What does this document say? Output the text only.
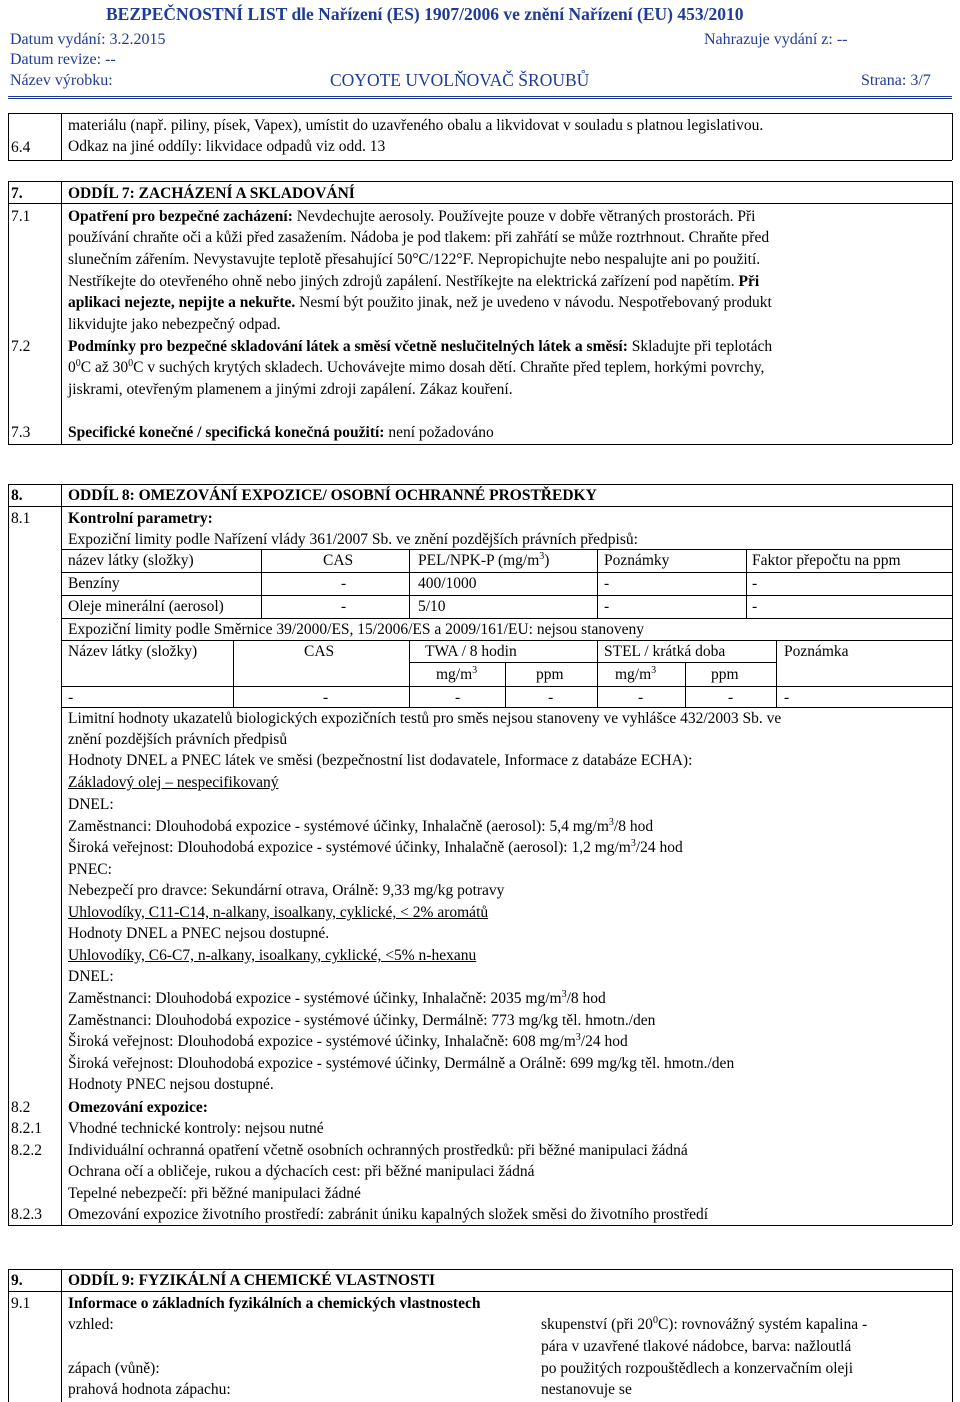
BEZPEČNOSTNÍ LIST dle Nařízení (ES) 1907/2006 ve znění Nařízení (EU) 453/2010
Datum vydání: 3.2.2015	Nahrazuje vydání z: --
Datum revize: --
Název výrobku:	COYOTE UVOLŇOVAČ ŠROUBŮ	Strana: 3/7
materiálu (např. piliny, písek, Vapex), umístit do uzavřeného obalu a likvidovat v souladu s platnou legislativou.
6.4 Odkaz na jiné oddíly: likvidace odpadů viz odd. 13
7.	ODDÍL 7: ZACHÁZENÍ A SKLADOVÁNÍ
7.1 Opatření pro bezpečné zacházení: Nevdechujte aerosoly. Používejte pouze v dobře větraných prostorách. Při
používání chraňte oči a kůži před zasažením. Nádoba je pod tlakem: při zahřátí se může roztrhnout. Chraňte před
slunečním zářením. Nevystavujte teplotě přesahující 50°C/122°F. Nepropichujte nebo nespalujte ani po použití.
Nestříkejte do otevřeného ohně nebo jiných zdrojů zapálení. Nestříkejte na elektrická zařízení pod napětím. Při
aplikaci nejezte, nepijte a nekuřte. Nesmí být použito jinak, než je uvedeno v návodu. Nespotřebovaný produkt
likvidujte jako nebezpečný odpad.
7.2 Podmínky pro bezpečné skladování látek a směsí včetně neslučitelných látek a směsí: Skladujte při teplotách
$0^0C$ až $30^0C$ v suchých krytých skladech. Uchovávejte mimo dosah dětí. Chraňte před teplem, horkými povrchy,
jiskrami, otevřeným plamenem a jinými zdroji zapálení. Zákaz kouření.
7.3 Specifické konečné / specifická konečná použití: není požadováno
8.	ODDÍL 8: OMEZOVÁNÍ EXPOZICE/ OSOBNÍ OCHRANNÉ PROSTŘEDKY
8.1 Kontrolní parametry:
Expoziční limity podle Nařízení vlády 361/2007 Sb. ve znění pozdějších právních předpisů:
název látky (složky)	CAS	PEL/NPK-P $(mg/m^3)$	Poznámky	Faktor přepočtu na ppm
Benzíny	-	400/1000	-	-
Oleje minerální (aerosol)	-	5/10	-	-
Expoziční limity podle Směrnice 39/2000/ES, 15/2006/ES a 2009/161/EU: nejsou stanoveny
Název látky (složky)	CAS	TWA / 8 hodin	STEL / krátká doba	Poznámka
$mg/m^3$	ppm	$mg/m^3$	ppm
-	-	-	-	-	-	-
Limitní hodnoty ukazatelů biologických expozičních testů pro směs nejsou stanoveny ve vyhlášce 432/2003 Sb. ve
znění pozdějších právních předpisů
Hodnoty DNEL a PNEC látek ve směsi (bezpečnostní list dodavatele, Informace z databáze ECHA):
Základový olej – nespecifikovaný
DNEL:
Zaměstnanci: Dlouhodobá expozice - systémové účinky, Inhalačně (aerosol): 5,4 $mg/m^3/8$ hod
Široká veřejnost: Dlouhodobá expozice - systémové účinky, Inhalačně (aerosol): 1,2 $mg/m^3/24$ hod
PNEC:
Nebezpečí pro dravce: Sekundární otrava, Orálně: 9,33 mg/kg potravy
Uhlovodíky, C11-C14, n-alkany, isoalkany, cyklické, < 2% aromátů
Hodnoty DNEL a PNEC nejsou dostupné.
Uhlovodíky, C6-C7, n-alkany, isoalkany, cyklické, <5% n-hexanu
DNEL:
Zaměstnanci: Dlouhodobá expozice - systémové účinky, Inhalačně: 2035 $mg/m^3/8$ hod
Zaměstnanci: Dlouhodobá expozice - systémové účinky, Dermálně: 773 mg/kg těl. hmotn./den
Široká veřejnost: Dlouhodobá expozice - systémové účinky, Inhalačně: 608 $mg/m^3/24$ hod
Široká veřejnost: Dlouhodobá expozice - systémové účinky, Dermálně a Orálně: 699 mg/kg těl. hmotn./den
Hodnoty PNEC nejsou dostupné.
8.2 Omezování expozice:
8.2.1 Vhodné technické kontroly: nejsou nutné
8.2.2 Individuální ochranná opatření včetně osobních ochranných prostředků: při běžné manipulaci žádná
Ochrana očí a obličeje, rukou a dýchacích cest: při běžné manipulaci žádná
Tepelné nebezpečí: při běžné manipulaci žádné
8.2.3 Omezování expozice životního prostředí: zabránit úniku kapalných složek směsi do životního prostředí
9.	ODDÍL 9: FYZIKÁLNÍ A CHEMICKÉ VLASTNOSTI
9.1 Informace o základních fyzikálních a chemických vlastnostech
vzhled:	skupenství (při $20^0C$): rovnovážný systém kapalina -
pára v uzavřené tlakové nádobce, barva: nažloutlá
zápach (vůně):	po použitých rozpouštědlech a konzervačním oleji
prahová hodnota zápachu:	nestanovuje se
